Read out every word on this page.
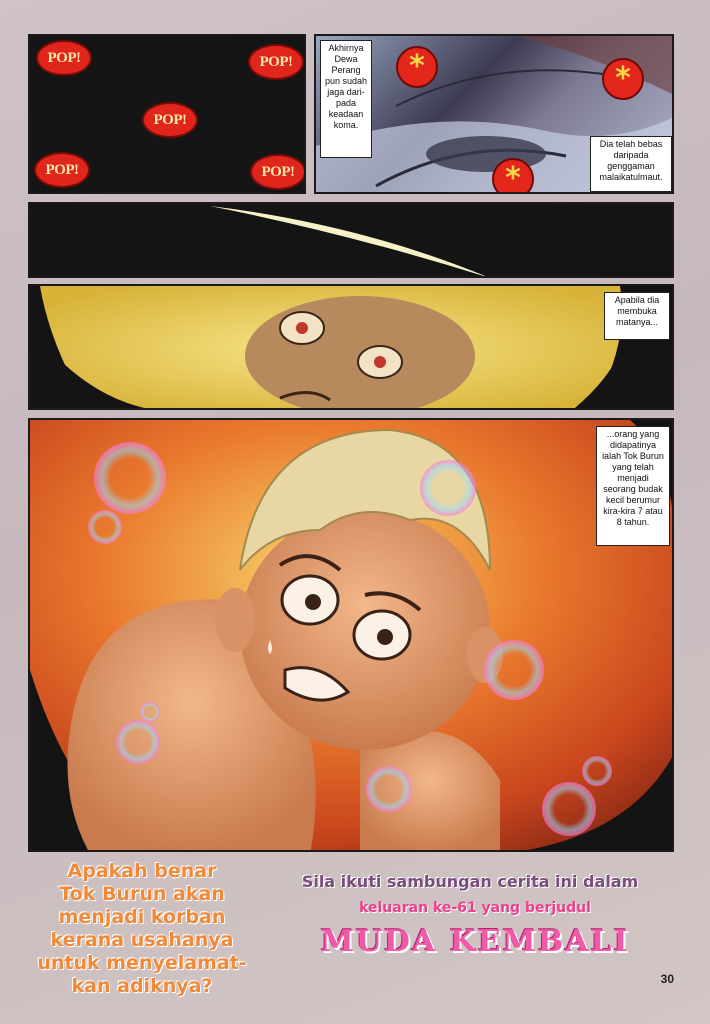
POP!	POP!
POP!
POP!	POP!
Akhirnya Dewa Perang pun sudah jaga dari- pada keadaan koma.
Dia telah bebas daripada genggaman malaikatulmaut.
*	*
*
Apabila dia membuka matanya...
...orang yang didapatinya ialah Tok Burun yang telah menjadi seorang budak kecil berumur kira-kira 7 atau 8 tahun.
Apakah benar
Tok Burun akan
menjadi korban
kerana usahanya
untuk menyelamat-
kan adiknya?
Sila ikuti sambungan cerita ini dalam
keluaran ke-61 yang berjudul
MUDA KEMBALI
30
